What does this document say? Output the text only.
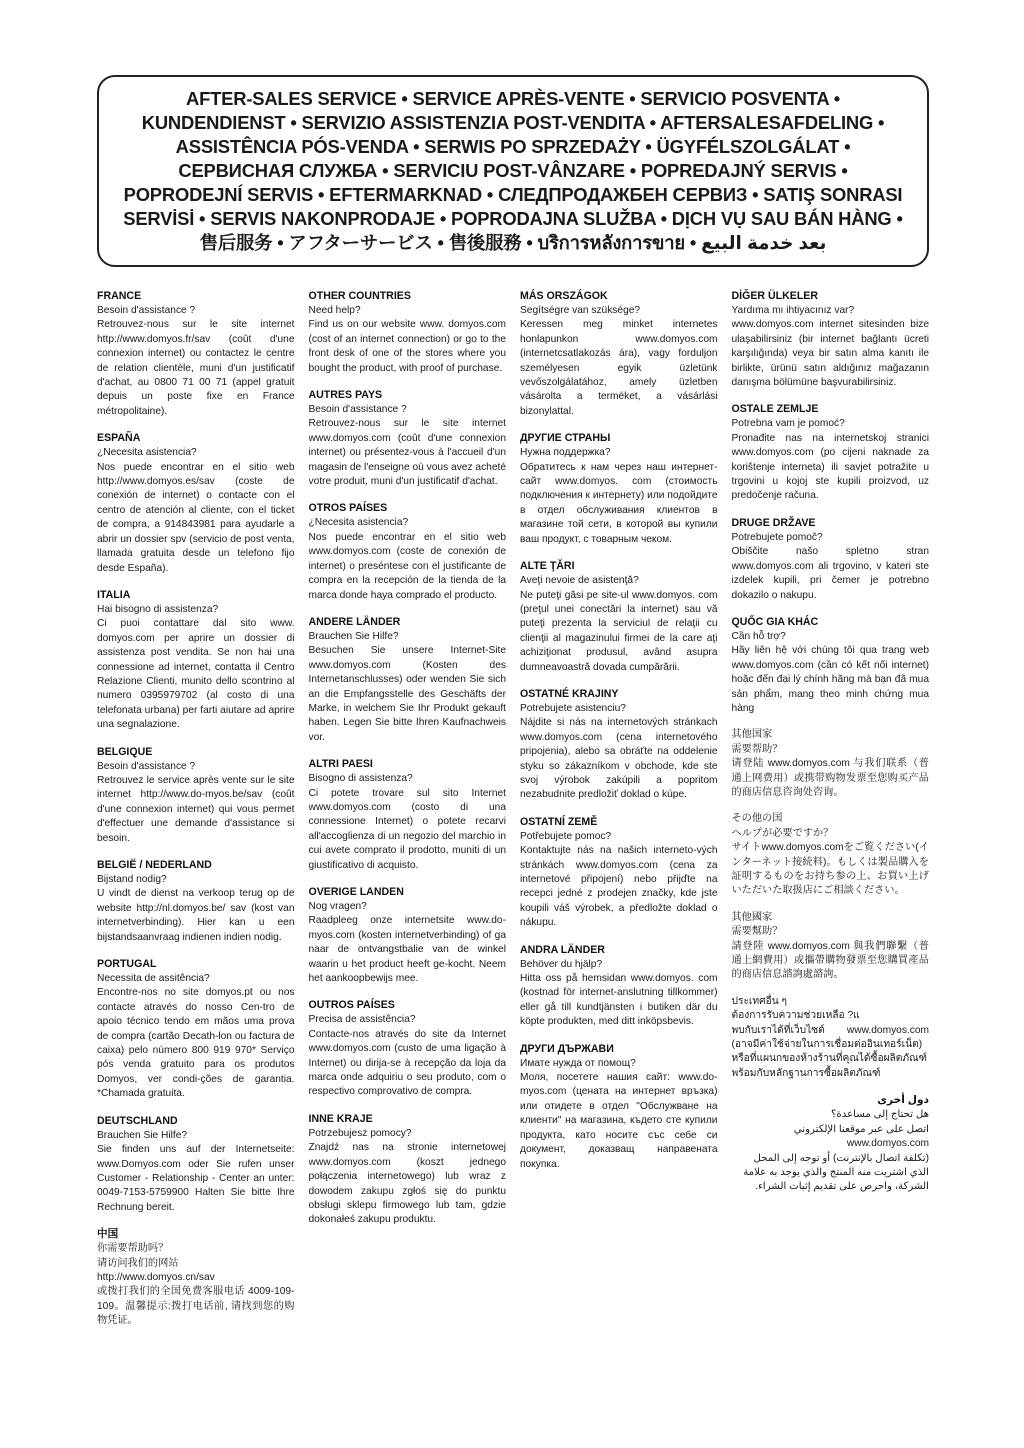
AFTER-SALES SERVICE • SERVICE APRÈS-VENTE • SERVICIO POSVENTA •
KUNDENDIENST • SERVIZIO ASSISTENZIA POST-VENDITA • AFTERSALESAFDELING •
ASSISTÊNCIA PÓS-VENDA • SERWIS PO SPRZEDAŻY • ÜGYFÉLSZOLGÁLAT •
СЕРВИСНАЯ СЛУЖБА • SERVICIU POST-VÂNZARE • POPREDAJNÝ SERVIS •
POPRODEJNÍ SERVIS • EFTERMARKNAD • СЛЕДПРОДАЖБЕН СЕРВИЗ • SATIŞ SONRASI
SERVİSİ • SERVIS NAKONPRODAJE • POPRODAJNA SLUŽBA • DỊCH VỤ SAU BÁN HÀNG •
售后服务 • アフターサービス • 售後服務 • บริการหลังการขาย • بعد خدمة البيع
FRANCE

Besoin d'assistance ?
Retrouvez-nous sur le site internet http://www.domyos.fr/sav (coût d'une connexion internet) ou contactez le centre de relation clientèle, muni d'un justificatif d'achat, au 0800 71 00 71 (appel gratuit depuis un poste fixe en France métropolitaine).

ESPAÑA

¿Necesita asistencia?
Nos puede encontrar en el sitio web http://www.domyos.es/sav (coste de conexión de internet) o contacte con el centro de atención al cliente, con el ticket de compra, a 914843981 para ayudarle a abrir un dossier spv (servicio de post venta, llamada gratuita desde un telefono fijo desde España).

ITALIA

Hai bisogno di assistenza?
Ci puoi contattare dal sito www. domyos.com per aprire un dossier di assistenza post vendita. Se non hai una connessione ad internet, contatta il Centro Relazione Clienti, munito dello scontrino al numero 0395979702 (al costo di una telefonata urbana) per farti aiutare ad aprire una segnalazione.

BELGIQUE

Besoin d'assistance ?
Retrouvez le service après vente sur le site internet http://www.do-myos.be/sav (coût d'une connexion internet) qui vous permet d'effectuer une demande d'assistance si besoin.

BELGIË / NEDERLAND

Bijstand nodig?
U vindt de dienst na verkoop terug op de website http://nl.domyos.be/ sav (kost van internetverbinding). Hier kan u een bijstandsaanvraag indienen indien nodig.

PORTUGAL

Necessita de assitência?
Encontre-nos no site domyos.pt ou nos contacte através do nosso Cen-tro de apoio técnico tendo em mãos uma prova de compra (cartão Decath-lon ou factura de caixa) pelo número 800 919 970* Serviço pós venda gratuito para os produtos Domyos, ver condi-ções de garantia. *Chamada gratuita.

DEUTSCHLAND

Brauchen Sie Hilfe?
Sie finden uns auf der Internetseite: www.Domyos.com oder Sie rufen unser Customer - Relationship - Center an unter: 0049-7153-5759900 Halten Sie bitte Ihre Rechnung bereit.

中国

你需要帮助吗？
请访问我们的网站
http://www.domyos.cn/sav
或拨打我们的全国免费客服电话 4009-109-109。温馨提示:拨打电话前, 请找到您的购物凭证。

OTHER COUNTRIES

Need help?
Find us on our website www. domyos.com (cost of an internet connection) or go to the front desk of one of the stores where you bought the product, with proof of purchase.

AUTRES PAYS

Besoin d'assistance ?
Retrouvez-nous sur le site internet www.domyos.com (coût d'une connexion internet) ou présentez-vous à l'accueil d'un magasin de l'enseigne où vous avez acheté votre produit, muni d'un justificatif d'achat.

OTROS PAÍSES

¿Necesita asistencia?
Nos puede encontrar en el sitio web www.domyos.com (coste de conexión de internet) o preséntese con el justificante de compra en la recepción de la tienda de la marca donde haya comprado el producto.

ANDERE LÄNDER

Brauchen Sie Hilfe?
Besuchen Sie unsere Internet-Site www.domyos.com (Kosten des Internetanschlusses) oder wenden Sie sich an die Empfangsstelle des Geschäfts der Marke, in welchem Sie Ihr Produkt gekauft haben. Legen Sie bitte Ihren Kaufnachweis vor.

ALTRI PAESI

Bisogno di assistenza?
Ci potete trovare sul sito Internet www.domyos.com (costo di una connessione Internet) o potete recarvi all'accoglienza di un negozio del marchio in cui avete comprato il prodotto, muniti di un giustificativo di acquisto.

OVERIGE LANDEN

Nog vragen?
Raadpleeg onze internetsite www.do-myos.com (kosten internetverbinding) of ga naar de ontvangstbalie van de winkel waarin u het product heeft ge-kocht. Neem het aankoopbewijs mee.

OUTROS PAÍSES

Precisa de assistência?
Contacte-nos através do site da Internet www.domyos.com (custo de uma ligação à Internet) ou dirija-se à recepção da loja da marca onde adquiriu o seu produto, com o respectivo comprovativo de compra.

INNE KRAJE

Potrzebujesz pomocy?
Znajdź nas na stronie internetowej www.domyos.com (koszt jednego połączenia internetowego) lub wraz z dowodem zakupu zgłoś się do punktu obsługi sklepu firmowego lub tam, gdzie dokonałeś zakupu produktu.

MÁS ORSZÁGOK

Segítségre van szüksége?
Keressen meg minket internetes honlapunkon www.domyos.com (internetcsatlakozás ára), vagy forduljon személyesen egyik üzletünk vevőszolgálatához, amely üzletben vásárolta a terméket, a vásárlási bizonylattal.

ДРУГИЕ СТРАНЫ

Нужна поддержка?
Обратитесь к нам через наш интернет-сайт www.domyos. com (стоимость подключения к интернету) или подойдите в отдел обслуживания клиентов в магазине той сети, в которой вы купили ваш продукт, с товарным чеком.

ALTE ŢĂRI

Aveţi nevoie de asistenţă?
Ne puteţi găsi pe site-ul www.domyos. com (preţul unei conectări la internet) sau vă puteţi prezenta la serviciul de relaţii cu clienţii al magazinului firmei de la care aţi achiziţionat produsul, având asupra dumneavoastră dovada cumpărării.

OSTATNÉ KRAJINY

Potrebujete asistenciu?
Nájdite si nás na internetových stránkach www.domyos.com (cena internetového pripojenia), alebo sa obráťte na oddelenie styku so zákazníkom v obchode, kde ste svoj výrobok zakúpili a popritom nezabudnite predložiť doklad o kúpe.

OSTATNÍ ZEMĚ

Potřebujete pomoc?
Kontaktujte nás na našich interneto-vých stránkách www.domyos.com (cena za internetové připojení) nebo přijďte na recepci jedné z prodejen značky, kde jste koupili váš výrobek, a předložte doklad o nákupu.

ANDRA LÄNDER

Behöver du hjälp?
Hitta oss på hemsidan www.domyos. com (kostnad för internet-anslutning tillkommer) eller gå till kundtjänsten i butiken där du köpte produkten, med ditt inköpsbevis.

ДРУГИ ДЪРЖАВИ

Имате нужда от помощ?
Моля, посетете нашия сайт: www.do-myos.com (цената на интернет връзка) или отидете в отдел "Обслужване на клиенти" на магазина, където сте купили продукта, като носите със себе си документ, доказващ направената покупка.

DİĞER ÜLKELER

Yardıma mı ihtiyacınız var?
www.domyos.com internet sitesinden bize ulaşabilirsiniz (bir internet bağlantı ücreti karşılığında) veya bir satın alma kanıtı ile birlikte, ürünü satın aldığınız mağazanın danışma bölümüne başvurabilirsiniz.

OSTALE ZEMLJE

Potrebna vam je pomoć?
Pronađite nas na internetskoj stranici www.domyos.com (po cijeni naknade za korištenje interneta) ili savjet potražite u trgovini u kojoj ste kupili proizvod, uz predočenje računa.

DRUGE DRŽAVE

Potrebujete pomoč?
Obiščite našo spletno stran www.domyos.com ali trgovino, v kateri ste izdelek kupili, pri čemer je potrebno dokazilo o nakupu.

QUỐC GIA KHÁC

Cần hỗ trợ?
Hãy liên hệ với chúng tôi qua trang web www.domyos.com (cần có kết nối internet) hoặc đến đại lý chính hãng mà bạn đã mua sản phẩm, mang theo minh chứng mua hàng

其他国家
需要帮助？
请登陆 www.domyos.com 与我们联系（普通上网费用）或携带购物发票至您购买产品的商店信息咨询处咨询。

その他の国
ヘルプが必要ですか？
サイトwww.domyos.comをご覧ください(インターネット接続料)。もしくは製品購入を証明するものをお持ち参の上、お買い上げいただいた取扱店にご相談ください。

其他國家
需要幫助？
請登陸 www.domyos.com 與我們聯繫（普通上網費用）或攜帶購物發票至您購買產品的商店信息諮詢處諮詢。

ประเทศอื่น ๆ
ต้องการรับความช่วยเหลือ ?แ
พบกับเราได้ที่เว็บไซต์ www.domyos.com (อาจมีค่าใช้จ่ายในการเชื่อมต่ออินเทอร์เน็ต) หรือที่แผนกของห้างร้านที่คุณได้ซื้อผลิตภัณฑ์ พร้อมกับหลักฐานการซื้อผลิตภัณฑ์

دول أخرى

هل تحتاج إلى مساعدة؟
اتصل على عبر موقعنا الإلكتروني
www.domyos.com
(تكلفة اتصال بالإنترنت) أو توجه إلى المحل الذي اشتريت منه المنتج والذي يوجد به علامة الشركة، واحرص على تقديم إثبات الشراء.
